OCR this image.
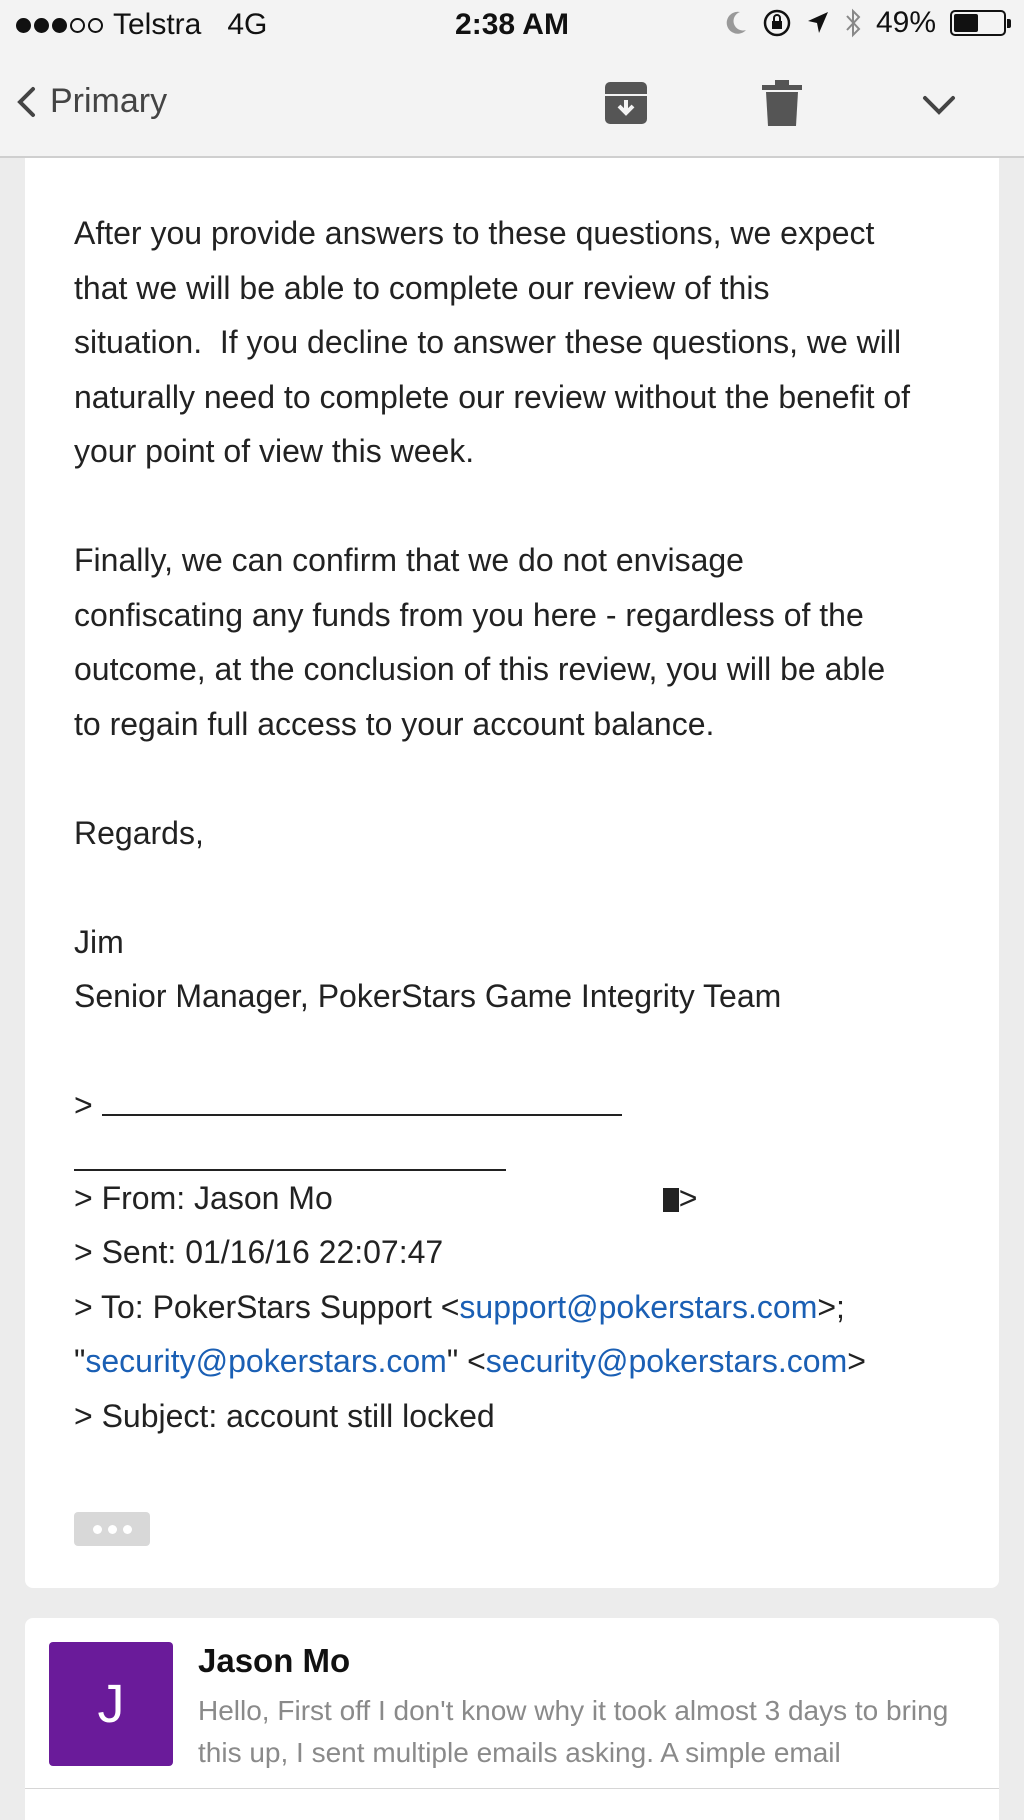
Telstra 4G	2:38 AM	49%
Primary
After you provide answers to these questions, we expect
that we will be able to complete our review of this
situation.  If you decline to answer these questions, we will
naturally need to complete our review without the benefit of
your point of view this week.
Finally, we can confirm that we do not envisage
confiscating any funds from you here - regardless of the
outcome, at the conclusion of this review, you will be able
to regain full access to your account balance.
Regards,
Jim
Senior Manager, PokerStars Game Integrity Team
>
> From: Jason Mo	>
> Sent: 01/16/16 22:07:47
> To: PokerStars Support <support@pokerstars.com>;
"security@pokerstars.com" <security@pokerstars.com>
> Subject: account still locked
J
Jason Mo
Hello, First off I don't know why it took almost 3 days to bring this up, I sent multiple emails asking. A simple email
